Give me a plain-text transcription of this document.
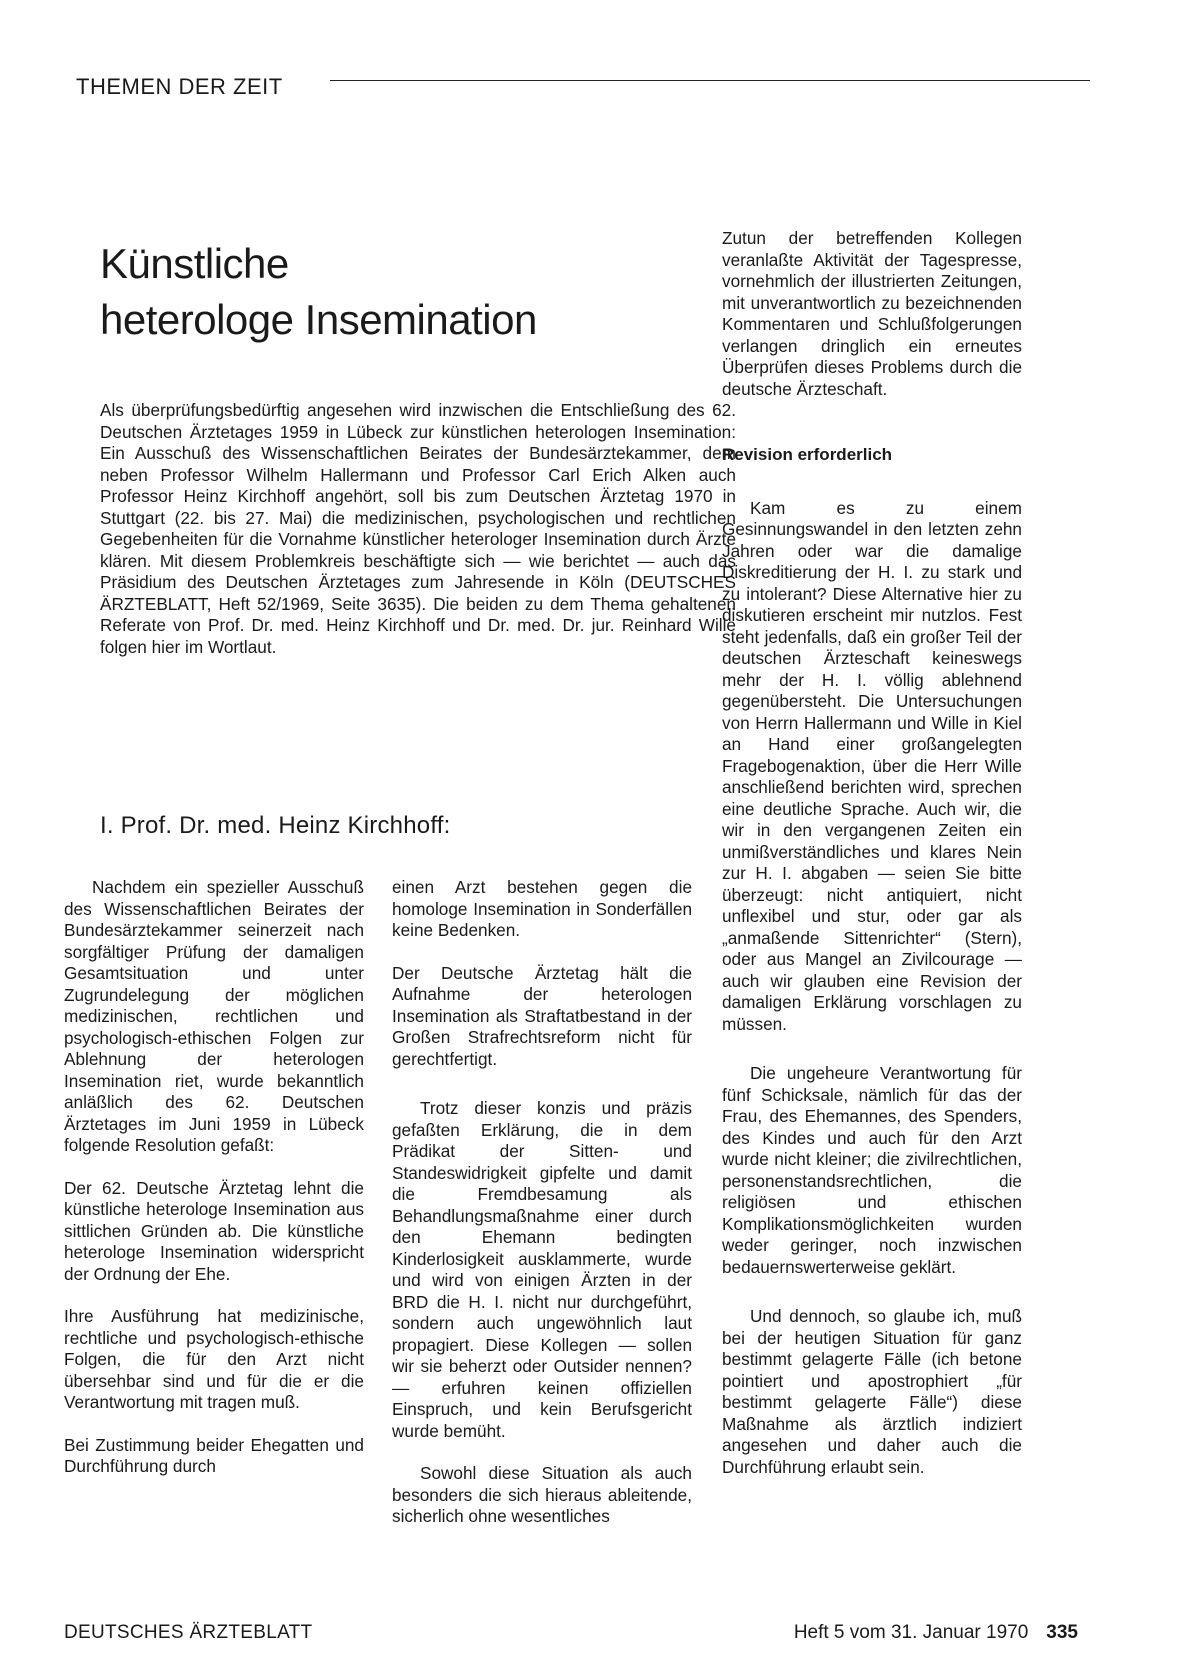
THEMEN DER ZEIT
Künstliche
heterologe Insemination
Als überprüfungsbedürftig angesehen wird inzwischen die Entschließung des 62. Deutschen Ärztetages 1959 in Lübeck zur künstlichen heterologen Insemination: Ein Ausschuß des Wissenschaftlichen Beirates der Bundesärztekammer, dem neben Professor Wilhelm Hallermann und Professor Carl Erich Alken auch Professor Heinz Kirchhoff angehört, soll bis zum Deutschen Ärztetag 1970 in Stuttgart (22. bis 27. Mai) die medizinischen, psychologischen und rechtlichen Gegebenheiten für die Vornahme künstlicher heterologer Insemination durch Ärzte klären. Mit diesem Problemkreis beschäftigte sich — wie berichtet — auch das Präsidium des Deutschen Ärztetages zum Jahresende in Köln (DEUTSCHES ÄRZTEBLATT, Heft 52/1969, Seite 3635). Die beiden zu dem Thema gehaltenen Referate von Prof. Dr. med. Heinz Kirchhoff und Dr. med. Dr. jur. Reinhard Wille folgen hier im Wortlaut.
I. Prof. Dr. med. Heinz Kirchhoff:

Nachdem ein spezieller Ausschuß des Wissenschaftlichen Beirates der Bundesärztekammer seinerzeit nach sorgfältiger Prüfung der damaligen Gesamtsituation und unter Zugrundelegung der möglichen medizinischen, rechtlichen und psychologisch-ethischen Folgen zur Ablehnung der heterologen Insemination riet, wurde bekanntlich anläßlich des 62. Deutschen Ärztetages im Juni 1959 in Lübeck folgende Resolution gefaßt:

Der 62. Deutsche Ärztetag lehnt die künstliche heterologe Insemination aus sittlichen Gründen ab. Die künstliche heterologe Insemination widerspricht der Ordnung der Ehe.

Ihre Ausführung hat medizinische, rechtliche und psychologisch-ethische Folgen, die für den Arzt nicht übersehbar sind und für die er die Verantwortung mit tragen muß.

Bei Zustimmung beider Ehegatten und Durchführung durch

einen Arzt bestehen gegen die homologe Insemination in Sonderfällen keine Bedenken.

Der Deutsche Ärztetag hält die Aufnahme der heterologen Insemination als Straftatbestand in der Großen Strafrechtsreform nicht für gerechtfertigt.

Trotz dieser konzis und präzis gefaßten Erklärung, die in dem Prädikat der Sitten- und Standeswidrigkeit gipfelte und damit die Fremdbesamung als Behandlungsmaßnahme einer durch den Ehemann bedingten Kinderlosigkeit ausklammerte, wurde und wird von einigen Ärzten in der BRD die H. I. nicht nur durchgeführt, sondern auch ungewöhnlich laut propagiert. Diese Kollegen — sollen wir sie beherzt oder Outsider nennen? — erfuhren keinen offiziellen Einspruch, und kein Berufsgericht wurde bemüht.

Sowohl diese Situation als auch besonders die sich hieraus ableitende, sicherlich ohne wesentliches

Zutun der betreffenden Kollegen veranlaßte Aktivität der Tagespresse, vornehmlich der illustrierten Zeitungen, mit unverantwortlich zu bezeichnenden Kommentaren und Schlußfolgerungen verlangen dringlich ein erneutes Überprüfen dieses Problems durch die deutsche Ärzteschaft.

Revision erforderlich

Kam es zu einem Gesinnungswandel in den letzten zehn Jahren oder war die damalige Diskreditierung der H. I. zu stark und zu intolerant? Diese Alternative hier zu diskutieren erscheint mir nutzlos. Fest steht jedenfalls, daß ein großer Teil der deutschen Ärzteschaft keineswegs mehr der H. I. völlig ablehnend gegenübersteht. Die Untersuchungen von Herrn Hallermann und Wille in Kiel an Hand einer großangelegten Fragebogenaktion, über die Herr Wille anschließend berichten wird, sprechen eine deutliche Sprache. Auch wir, die wir in den vergangenen Zeiten ein unmißverständliches und klares Nein zur H. I. abgaben — seien Sie bitte überzeugt: nicht antiquiert, nicht unflexibel und stur, oder gar als „anmaßende Sittenrichter“ (Stern), oder aus Mangel an Zivilcourage — auch wir glauben eine Revision der damaligen Erklärung vorschlagen zu müssen.

Die ungeheure Verantwortung für fünf Schicksale, nämlich für das der Frau, des Ehemannes, des Spenders, des Kindes und auch für den Arzt wurde nicht kleiner; die zivilrechtlichen, personenstandsrechtlichen, die religiösen und ethischen Komplikationsmöglichkeiten wurden weder geringer, noch inzwischen bedauernswerterweise geklärt.

Und dennoch, so glaube ich, muß bei der heutigen Situation für ganz bestimmt gelagerte Fälle (ich betone pointiert und apostrophiert „für bestimmt gelagerte Fälle“) diese Maßnahme als ärztlich indiziert angesehen und daher auch die Durchführung erlaubt sein.

DEUTSCHES ÄRZTEBLATT	Heft 5 vom 31. Januar 1970 335
